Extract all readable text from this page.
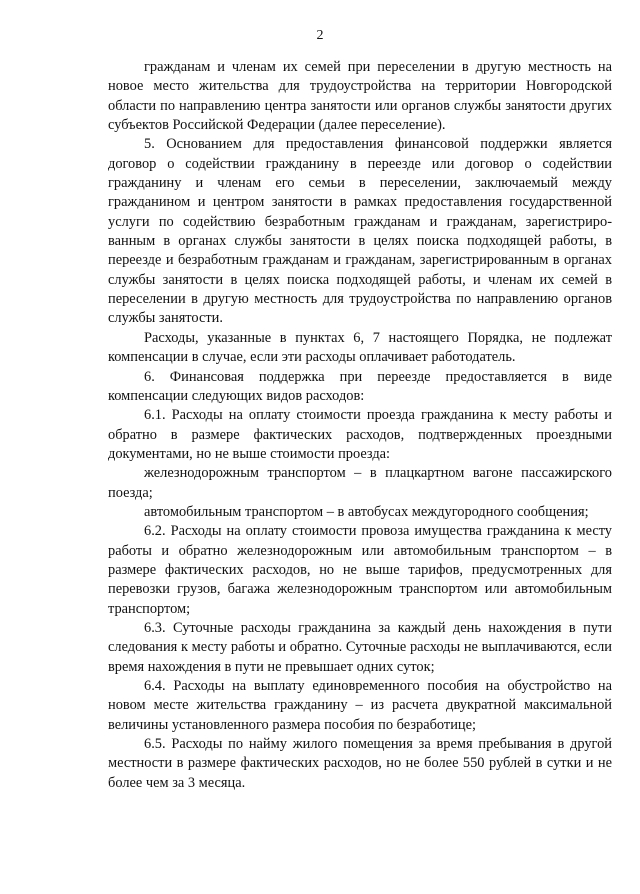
2

гражданам и членам их семей при переселении в другую местность на новое место жительства для трудоустройства на территории Новгородской области по направлению центра занятости или органов службы занятости других субъектов Российской Федерации (далее переселение).

5. Основанием для предоставления финансовой поддержки является договор о содействии гражданину в переезде или договор о содействии гражданину и членам его семьи в переселении, заключаемый между гражданином и центром занятости в рамках предоставления государственной услуги по содействию безработным гражданам и гражданам, зарегистриро-ванным в органах службы занятости в целях поиска подходящей работы, в переезде и безработным гражданам и гражданам, зарегистрированным в органах службы занятости в целях поиска подходящей работы, и членам их семей в переселении в другую местность для трудоустройства по направлению органов службы занятости.

Расходы, указанные в пунктах 6, 7 настоящего Порядка, не подлежат компенсации в случае, если эти расходы оплачивает работодатель.

6. Финансовая поддержка при переезде предоставляется в виде компенсации следующих видов расходов:

6.1. Расходы на оплату стоимости проезда гражданина к месту работы и обратно в размере фактических расходов, подтвержденных проездными документами, но не выше стоимости проезда:

железнодорожным транспортом – в плацкартном вагоне пассажирского поезда;

автомобильным транспортом – в автобусах междугородного сообщения;

6.2. Расходы на оплату стоимости провоза имущества гражданина к месту работы и обратно железнодорожным или автомобильным транспортом – в размере фактических расходов, но не выше тарифов, предусмотренных для перевозки грузов, багажа железнодорожным транспортом или автомобильным транспортом;

6.3. Суточные расходы гражданина за каждый день нахождения в пути следования к месту работы и обратно. Суточные расходы не выплачиваются, если время нахождения в пути не превышает одних суток;

6.4. Расходы на выплату единовременного пособия на обустройство на новом месте жительства гражданину – из расчета двукратной максимальной величины установленного размера пособия по безработице;

6.5. Расходы по найму жилого помещения за время пребывания в другой местности в размере фактических расходов, но не более 550 рублей в сутки и не более чем за 3 месяца.
